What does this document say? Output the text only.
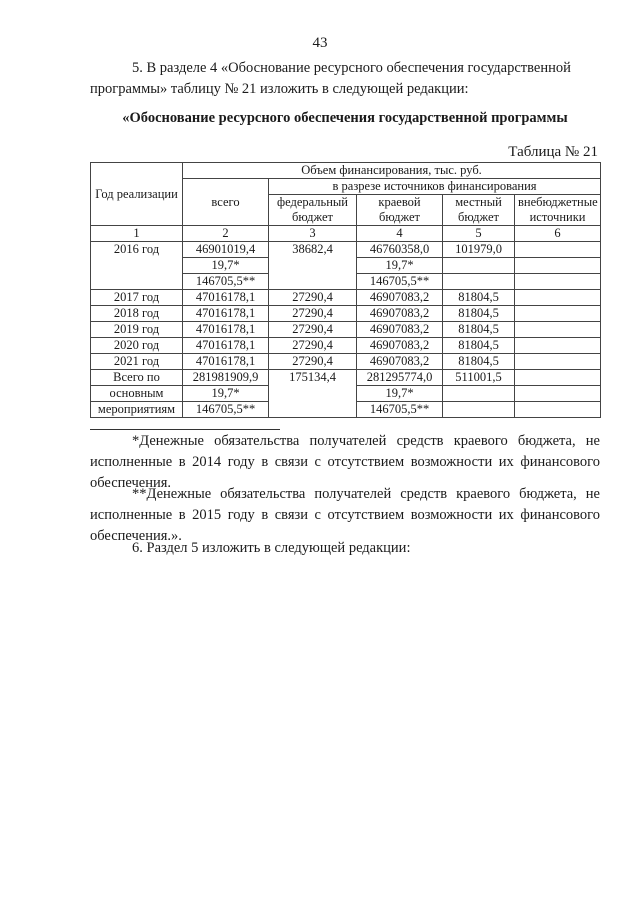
43
5. В разделе 4 «Обоснование ресурсного обеспечения государственной программы» таблицу № 21 изложить в следующей редакции:
«Обоснование ресурсного обеспечения государственной программы
Таблица № 21
Год реализации	Объем финансирования, тыс. руб.				
	всего	в разрезе источников финансирования			
		федеральный бюджет	краевой бюджет	местный бюджет	внебюджетные источники
1	2	3	4	5	6
2016 год	46901019,4	38682,4	46760358,0	101979,0	
	19,7*		19,7*		
	146705,5**		146705,5**		
2017 год	47016178,1	27290,4	46907083,2	81804,5	
2018 год	47016178,1	27290,4	46907083,2	81804,5	
2019 год	47016178,1	27290,4	46907083,2	81804,5	
2020 год	47016178,1	27290,4	46907083,2	81804,5	
2021 год	47016178,1	27290,4	46907083,2	81804,5	
Всего по	281981909,9	175134,4	281295774,0	511001,5	
основным	19,7*		19,7*		
мероприятиям	146705,5**		146705,5**		
*Денежные обязательства получателей средств краевого бюджета, не исполненные в 2014 году в связи с отсутствием возможности их финансового обеспечения.
**Денежные обязательства получателей средств краевого бюджета, не исполненные в 2015 году в связи с отсутствием возможности их финансового обеспечения.».
6. Раздел 5 изложить в следующей редакции:
